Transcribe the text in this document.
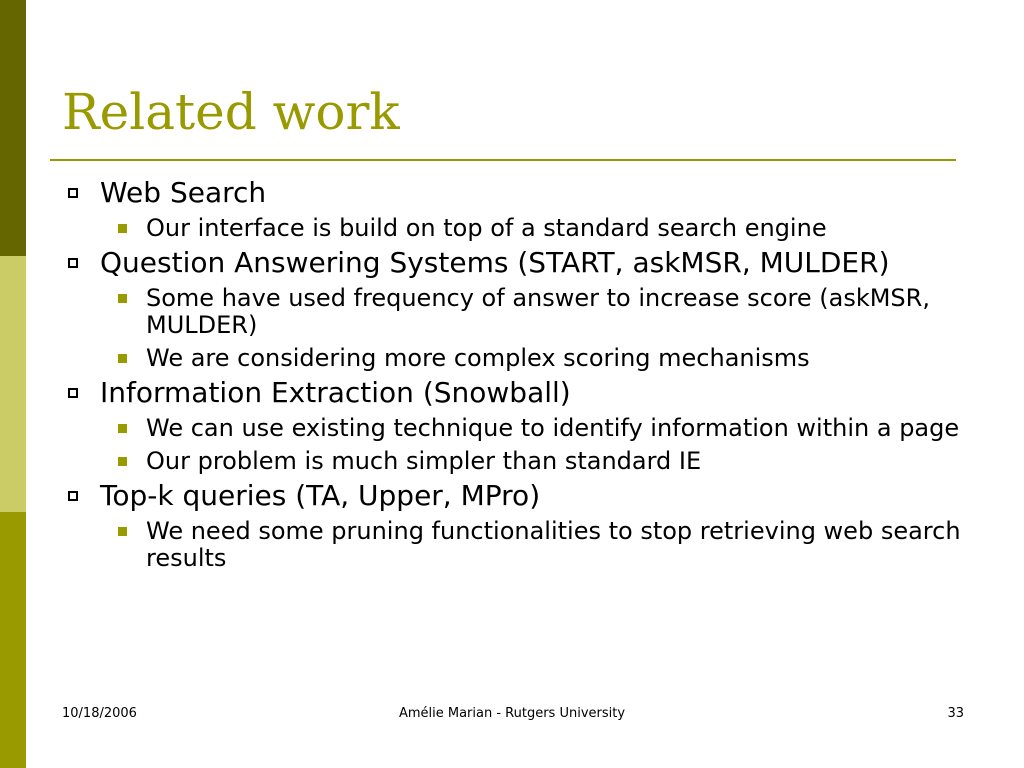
Related work
Web Search
Our interface is build on top of a standard search engine
Question Answering Systems (START, askMSR, MULDER)
Some have used frequency of answer to increase score (askMSR, MULDER)
We are considering more complex scoring mechanisms
Information Extraction (Snowball)
We can use existing technique to identify information within a page
Our problem is much simpler than standard IE
Top-k queries (TA, Upper, MPro)
We need some pruning functionalities to stop retrieving web search results
10/18/2006	Amélie Marian - Rutgers University	33
